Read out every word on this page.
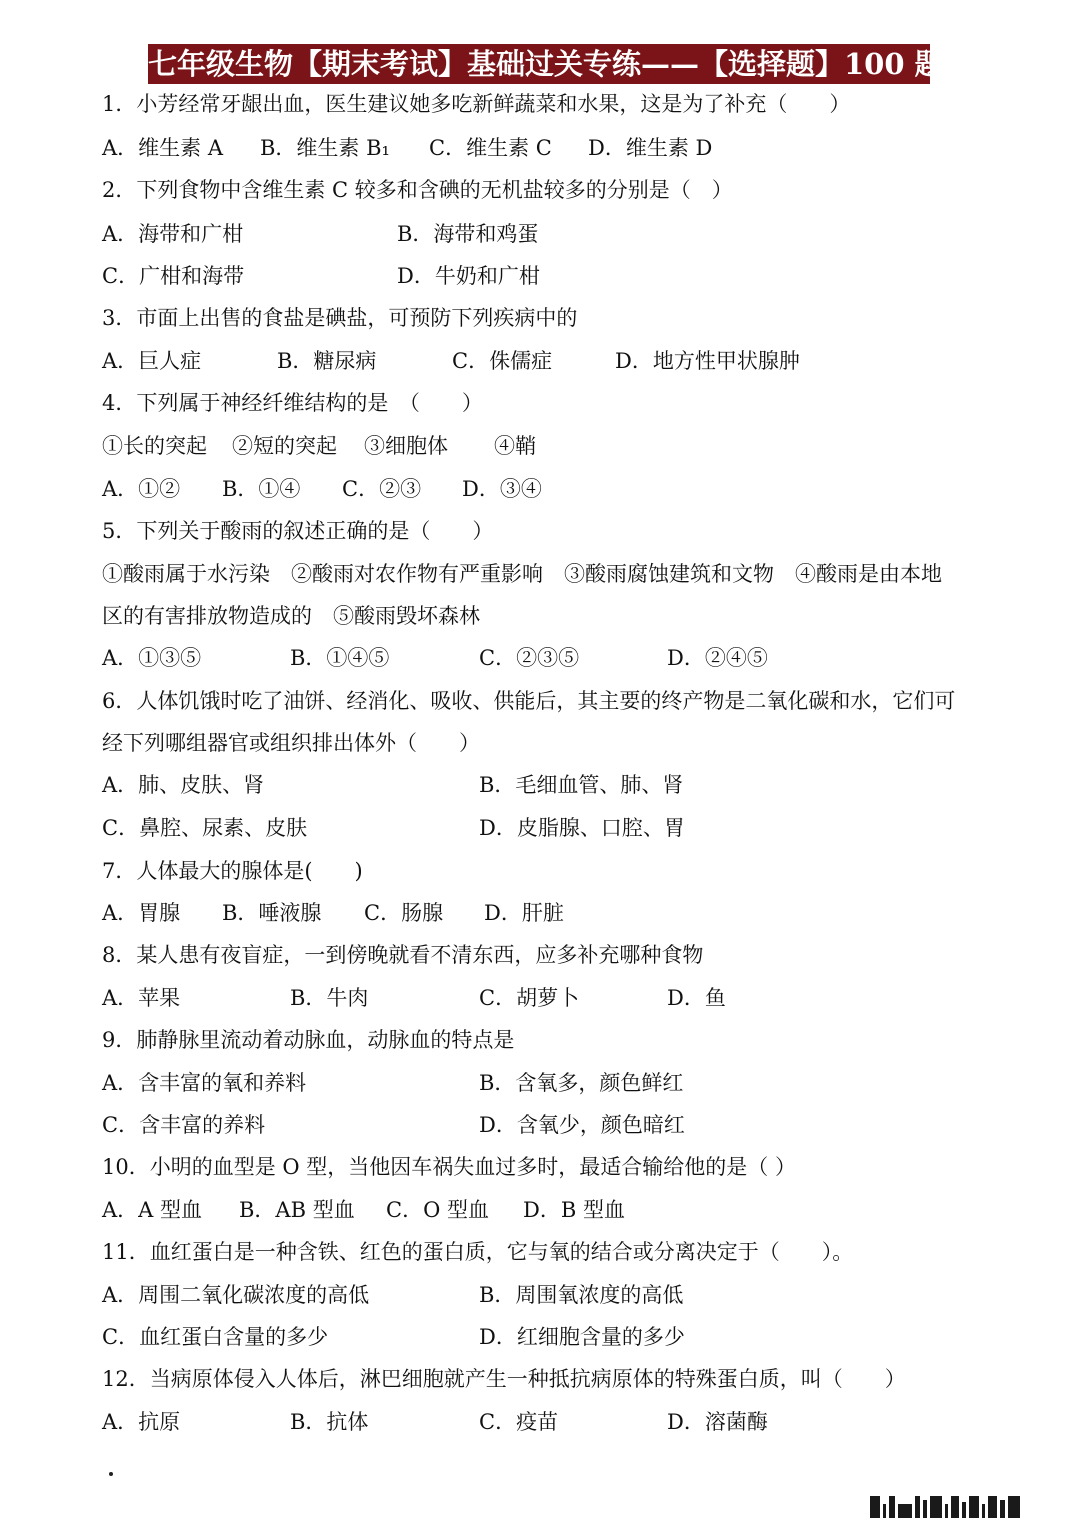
七年级生物【期末考试】基础过关专练——【选择题】100 题
1．小芳经常牙龈出血，医生建议她多吃新鲜蔬菜和水果，这是为了补充（　　）
A．维生素 A B．维生素 B₁ C．维生素 C D．维生素 D
2．下列食物中含维生素 C 较多和含碘的无机盐较多的分别是（　）
A．海带和广柑	B．海带和鸡蛋
C．广柑和海带	D．牛奶和广柑
3．市面上出售的食盐是碘盐，可预防下列疾病中的
A．巨人症	B．糖尿病	C．侏儒症	D．地方性甲状腺肿
4．下列属于神经纤维结构的是　（　　）
①长的突起 ②短的突起 ③细胞体 ④鞘
A．①② B．①④ C．②③ D．③④
5．下列关于酸雨的叙述正确的是（　　）
①酸雨属于水污染　②酸雨对农作物有严重影响　③酸雨腐蚀建筑和文物　④酸雨是由本地
区的有害排放物造成的　⑤酸雨毁坏森林
A．①③⑤	B．①④⑤	C．②③⑤	D．②④⑤
6．人体饥饿时吃了油饼、经消化、吸收、供能后，其主要的终产物是二氧化碳和水，它们可
经下列哪组器官或组织排出体外（　　）
A．肺、皮肤、肾	B．毛细血管、肺、肾
C．鼻腔、尿素、皮肤	D．皮脂腺、口腔、胃
7．人体最大的腺体是(　　)
A．胃腺 B．唾液腺 C．肠腺 D．肝脏
8．某人患有夜盲症，一到傍晚就看不清东西，应多补充哪种食物
A．苹果	B．牛肉	C．胡萝卜	D．鱼
9．肺静脉里流动着动脉血，动脉血的特点是
A．含丰富的氧和养料	B．含氧多，颜色鲜红
C．含丰富的养料	D．含氧少，颜色暗红
10．小明的血型是 O 型，当他因车祸失血过多时，最适合输给他的是（ ）
A．A 型血 B．AB 型血 C．O 型血 D．B 型血
11．血红蛋白是一种含铁、红色的蛋白质，它与氧的结合或分离决定于（　　）。
A．周围二氧化碳浓度的高低	B．周围氧浓度的高低
C．血红蛋白含量的多少	D．红细胞含量的多少
12．当病原体侵入人体后，淋巴细胞就产生一种抵抗病原体的特殊蛋白质，叫（　　）
A．抗原	B．抗体	C．疫苗	D．溶菌酶
